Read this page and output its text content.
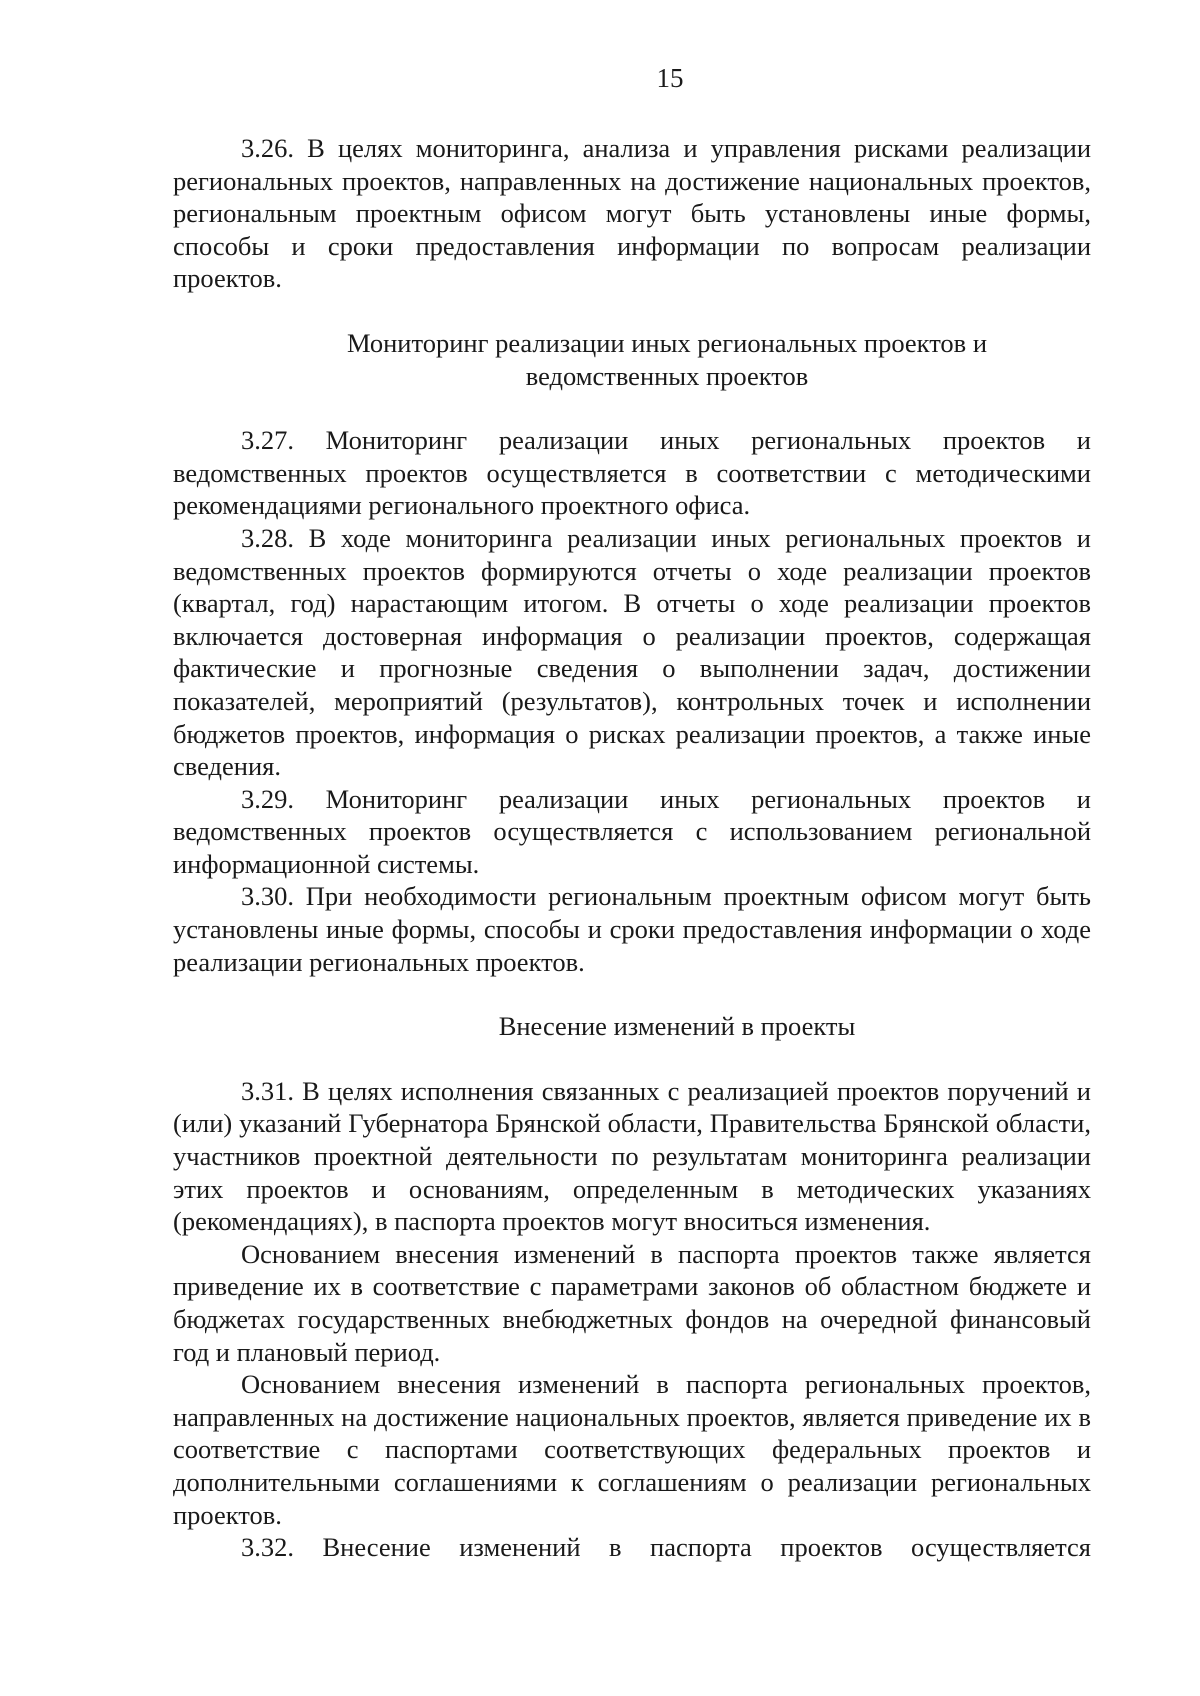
15

3.26. В целях мониторинга, анализа и управления рисками реализации региональных проектов, направленных на достижение национальных проектов, региональным проектным офисом могут быть установлены иные формы, способы и сроки предоставления информации по вопросам реализации проектов.

Мониторинг реализации иных региональных проектов и
ведомственных проектов

3.27. Мониторинг реализации иных региональных проектов и ведомственных проектов осуществляется в соответствии с методическими рекомендациями регионального проектного офиса.

3.28. В ходе мониторинга реализации иных региональных проектов и ведомственных проектов формируются отчеты о ходе реализации проектов (квартал, год) нарастающим итогом. В отчеты о ходе реализации проектов включается достоверная информация о реализации проектов, содержащая фактические и прогнозные сведения о выполнении задач, достижении показателей, мероприятий (результатов), контрольных точек и исполнении бюджетов проектов, информация о рисках реализации проектов, а также иные сведения.

3.29. Мониторинг реализации иных региональных проектов и ведомственных проектов осуществляется с использованием региональной информационной системы.

3.30. При необходимости региональным проектным офисом могут быть установлены иные формы, способы и сроки предоставления информации о ходе реализации региональных проектов.

Внесение изменений в проекты

3.31. В целях исполнения связанных с реализацией проектов поручений и (или) указаний Губернатора Брянской области, Правительства Брянской области, участников проектной деятельности по результатам мониторинга реализации этих проектов и основаниям, определенным в методических указаниях (рекомендациях), в паспорта проектов могут вноситься изменения.

Основанием внесения изменений в паспорта проектов также является приведение их в соответствие с параметрами законов об областном бюджете и бюджетах государственных внебюджетных фондов на очередной финансовый год и плановый период.

Основанием внесения изменений в паспорта региональных проектов, направленных на достижение национальных проектов, является приведение их в соответствие с паспортами соответствующих федеральных проектов и дополнительными соглашениями к соглашениям о реализации региональных проектов.

3.32. Внесение изменений в паспорта проектов осуществляется
